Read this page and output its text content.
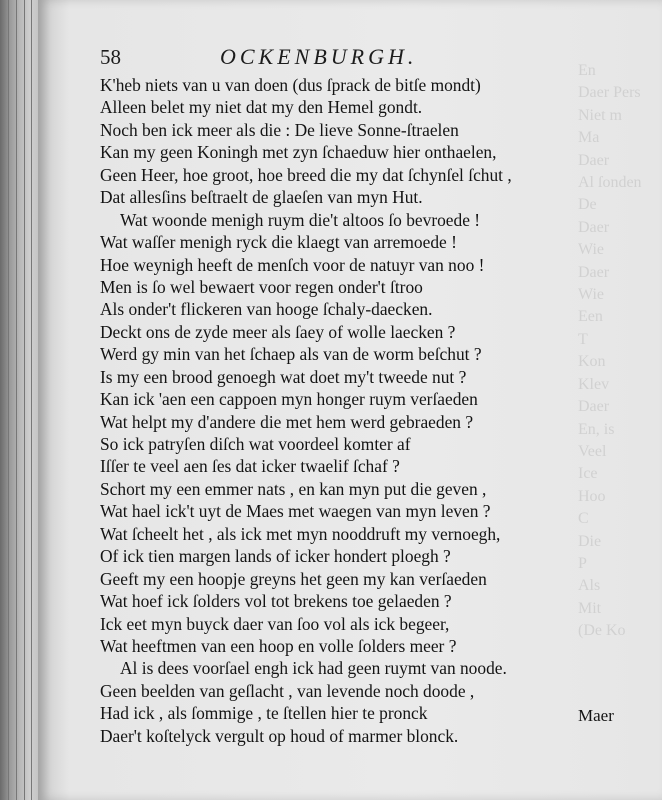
En
Daer Pers
Niet m
Ma
Daer
Al ſonden
De
Daer
Wie
Daer
Wie
Een
T
Kon
Klev
Daer
En, is
Veel
Ice
Hoo
C
Die
P
Als
Mit
(De Ko
58	OCKENBURGH.
K'heb niets van u van doen (dus ſprack de bitſe mondt)
Alleen belet my niet dat my den Hemel gondt.
Noch ben ick meer als die : De lieve Sonne-ſtraelen
Kan my geen Koningh met zyn ſchaeduw hier onthaelen,
Geen Heer, hoe groot, hoe breed die my dat ſchynſel ſchut ,
Dat allesſins beſtraelt de glaeſen van myn Hut.
Wat woonde menigh ruym die't altoos ſo bevroede !
Wat waſſer menigh ryck die klaegt van arremoede !
Hoe weynigh heeft de menſch voor de natuyr van noo !
Men is ſo wel bewaert voor regen onder't ſtroo
Als onder't flickeren van hooge ſchaly-daecken.
Deckt ons de zyde meer als ſaey of wolle laecken ?
Werd gy min van het ſchaep als van de worm beſchut ?
Is my een brood genoegh wat doet my't tweede nut ?
Kan ick 'aen een cappoen myn honger ruym verſaeden
Wat helpt my d'andere die met hem werd gebraeden ?
So ick patryſen diſch wat voordeel komter af
Iſſer te veel aen ſes dat icker twaelif ſchaf ?
Schort my een emmer nats , en kan myn put die geven ,
Wat hael ick't uyt de Maes met waegen van myn leven ?
Wat ſcheelt het , als ick met myn nooddruft my vernoegh,
Of ick tien margen lands of icker hondert ploegh ?
Geeft my een hoopje greyns het geen my kan verſaeden
Wat hoef ick ſolders vol tot brekens toe gelaeden ?
Ick eet myn buyck daer van ſoo vol als ick begeer,
Wat heeftmen van een hoop en volle ſolders meer ?
Al is dees voorſael engh ick had geen ruymt van noode.
Geen beelden van geſlacht , van levende noch doode ,
Had ick , als ſommige , te ſtellen hier te pronck
Daer't koſtelyck vergult op houd of marmer blonck.
Maer
